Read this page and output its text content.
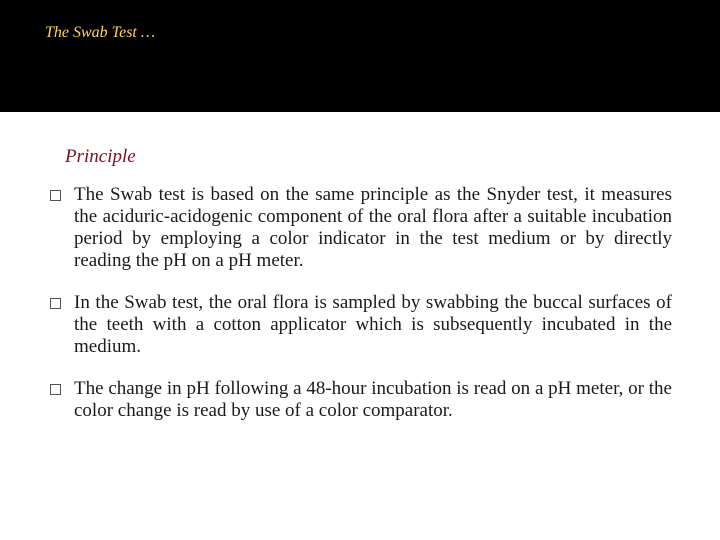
The Swab Test …
Principle
The Swab test is based on the same principle as the Snyder test, it measures the aciduric-acidogenic component of the oral flora after a suitable incubation period by employing a color indicator in the test medium or by directly reading the pH on a pH meter.
In the Swab test, the oral flora is sampled by swabbing the buccal surfaces of the teeth with a cotton applicator which is subsequently incubated in the medium.
The change in pH following a 48-hour incubation is read on a pH meter, or the color change is read by use of a color comparator.
